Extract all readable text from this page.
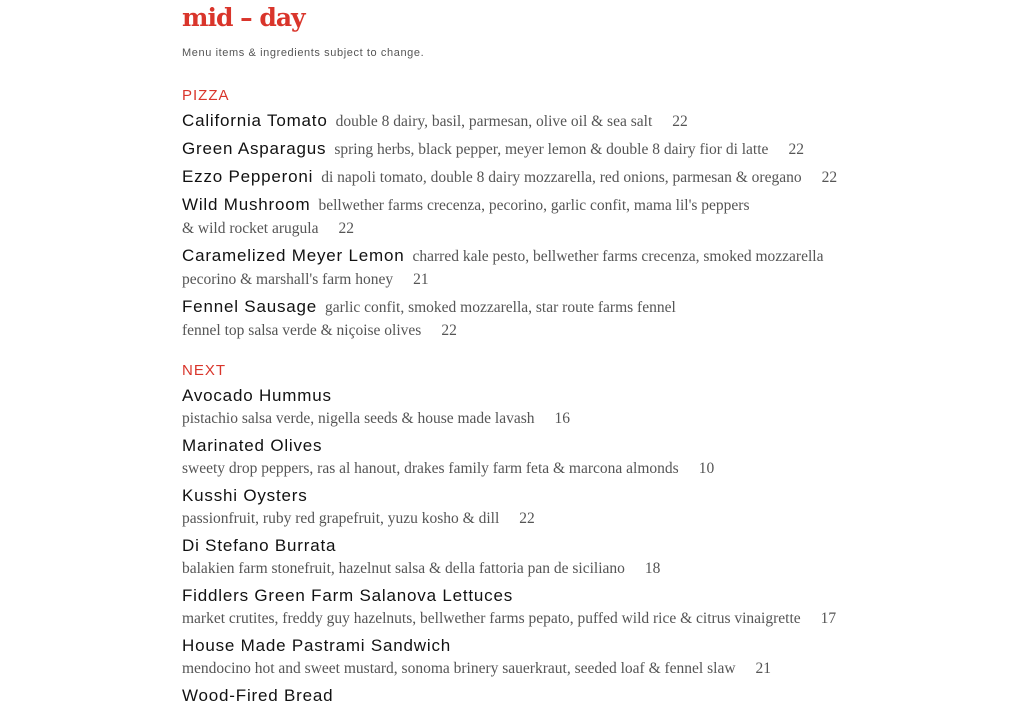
mid – day
Menu items & ingredients subject to change.
PIZZA
California Tomato double 8 dairy, basil, parmesan, olive oil & sea salt 22
Green Asparagus spring herbs, black pepper, meyer lemon & double 8 dairy fior di latte 22
Ezzo Pepperoni di napoli tomato, double 8 dairy mozzarella, red onions, parmesan & oregano 22
Wild Mushroom bellwether farms crecenza, pecorino, garlic confit, mama lil's peppers
& wild rocket arugula 22
Caramelized Meyer Lemon charred kale pesto, bellwether farms crecenza, smoked mozzarella
pecorino & marshall's farm honey 21
Fennel Sausage garlic confit, smoked mozzarella, star route farms fennel
fennel top salsa verde & niçoise olives 22
NEXT
Avocado Hummus
pistachio salsa verde, nigella seeds & house made lavash 16
Marinated Olives
sweety drop peppers, ras al hanout, drakes family farm feta & marcona almonds 10
Kusshi Oysters
passionfruit, ruby red grapefruit, yuzu kosho & dill 22
Di Stefano Burrata
balakien farm stonefruit, hazelnut salsa & della fattoria pan de siciliano 18
Fiddlers Green Farm Salanova Lettuces
market crutites, freddy guy hazelnuts, bellwether farms pepato, puffed wild rice & citrus vinaigrette 17
House Made Pastrami Sandwich
mendocino hot and sweet mustard, sonoma brinery sauerkraut, seeded loaf & fennel slaw 21
Wood-Fired Bread
